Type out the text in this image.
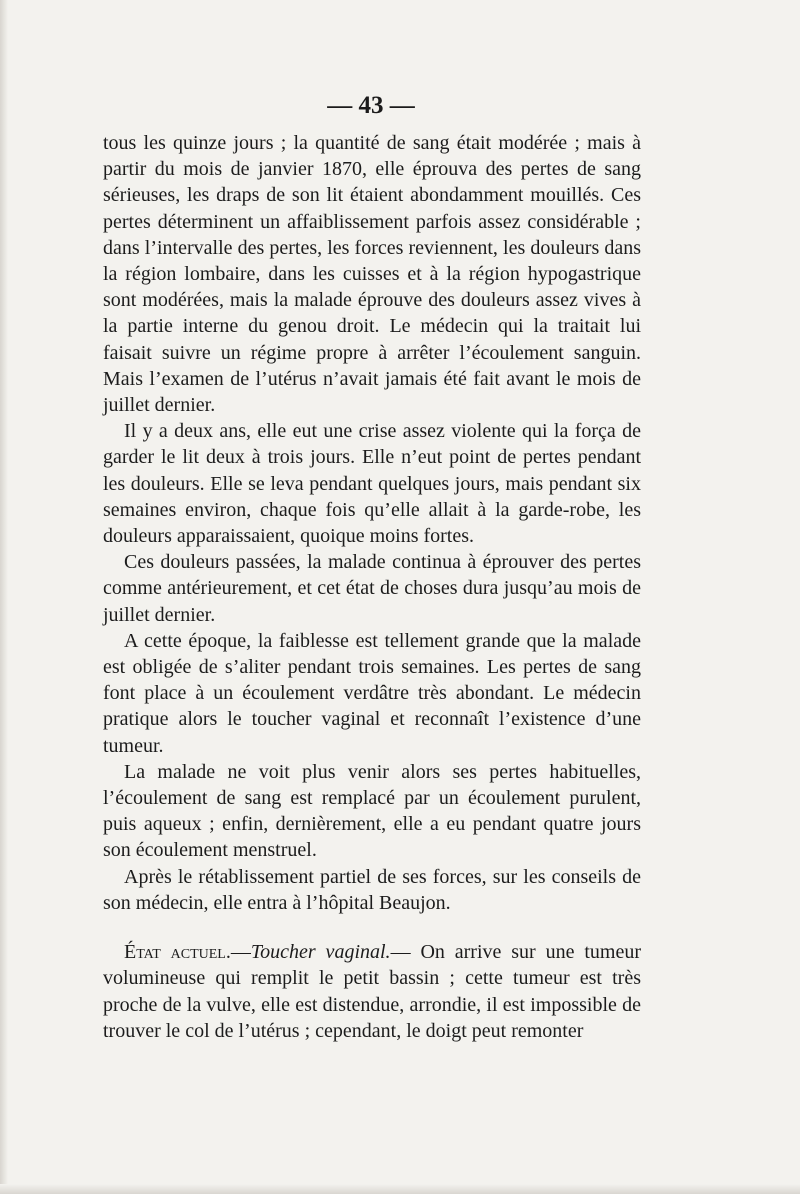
— 43 —

tous les quinze jours ; la quantité de sang était modérée ; mais à partir du mois de janvier 1870, elle éprouva des pertes de sang sérieuses, les draps de son lit étaient abondamment mouillés. Ces pertes déterminent un affaiblissement parfois assez considérable ; dans l’intervalle des pertes, les forces reviennent, les douleurs dans la région lombaire, dans les cuisses et à la région hypogastrique sont modérées, mais la malade éprouve des douleurs assez vives à la partie interne du genou droit. Le médecin qui la traitait lui faisait suivre un régime propre à arrêter l’écoulement sanguin. Mais l’examen de l’utérus n’avait jamais été fait avant le mois de juillet dernier.

Il y a deux ans, elle eut une crise assez violente qui la força de garder le lit deux à trois jours. Elle n’eut point de pertes pendant les douleurs. Elle se leva pendant quelques jours, mais pendant six semaines environ, chaque fois qu’elle allait à la garde-robe, les douleurs apparaissaient, quoique moins fortes.

Ces douleurs passées, la malade continua à éprouver des pertes comme antérieurement, et cet état de choses dura jusqu’au mois de juillet dernier.

A cette époque, la faiblesse est tellement grande que la malade est obligée de s’aliter pendant trois semaines. Les pertes de sang font place à un écoulement verdâtre très abondant. Le médecin pratique alors le toucher vaginal et reconnaît l’existence d’une tumeur.

La malade ne voit plus venir alors ses pertes habituelles, l’écoulement de sang est remplacé par un écoulement purulent, puis aqueux ; enfin, dernièrement, elle a eu pendant quatre jours son écoulement menstruel.

Après le rétablissement partiel de ses forces, sur les conseils de son médecin, elle entra à l’hôpital Beaujon.

État actuel.—Toucher vaginal.— On arrive sur une tumeur volumineuse qui remplit le petit bassin ; cette tumeur est très proche de la vulve, elle est distendue, arrondie, il est impossible de trouver le col de l’utérus ; cependant, le doigt peut remonter
